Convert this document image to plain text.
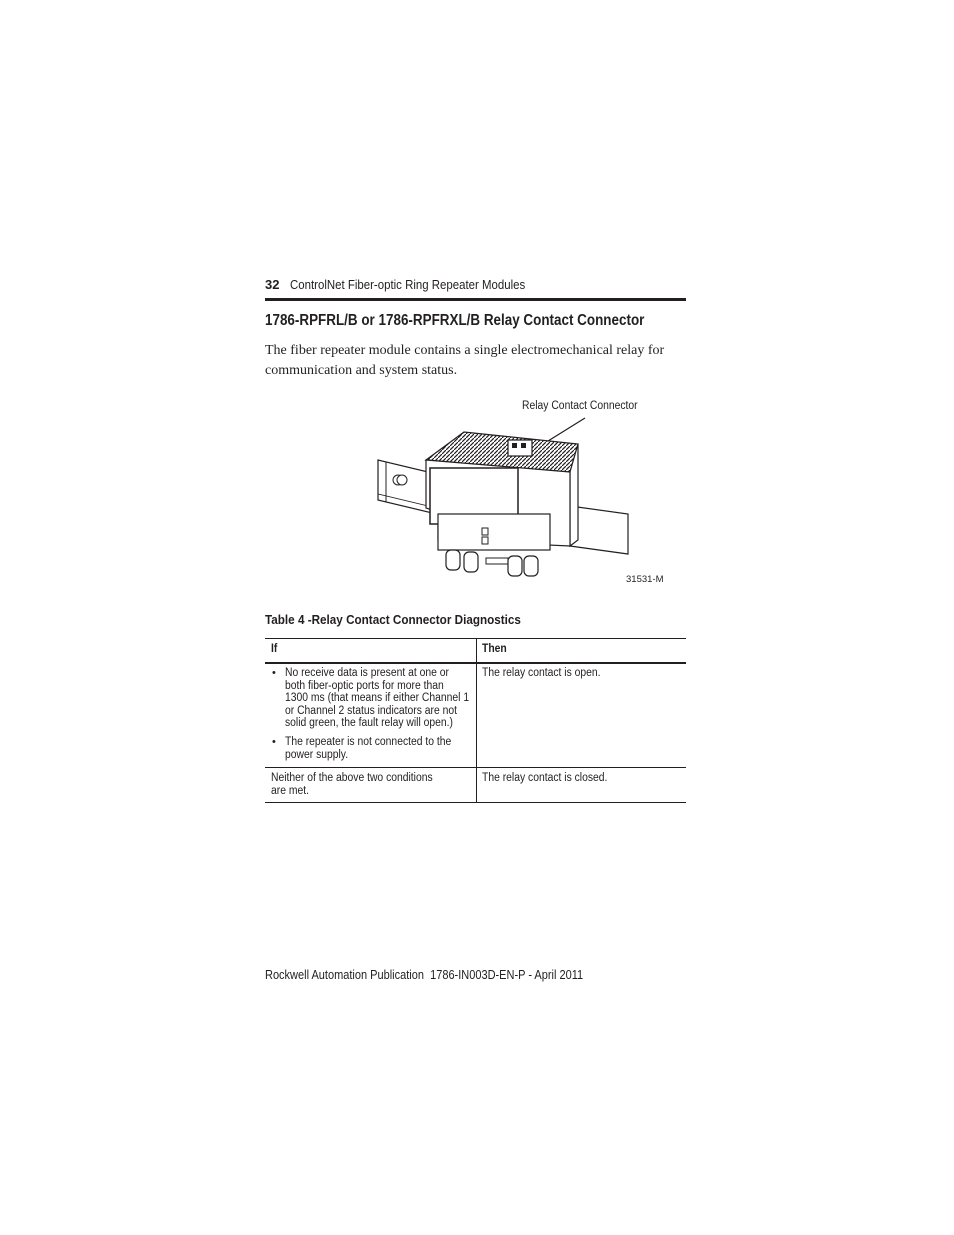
32 ControlNet Fiber-optic Ring Repeater Modules
1786-RPFRL/B or 1786-RPFRXL/B Relay Contact Connector
The fiber repeater module contains a single electromechanical relay for communication and system status.
Relay Contact Connector
31531-M
Table 4 -Relay Contact Connector Diagnostics
If	Then
• No receive data is present at one or both fiber-optic ports for more than 1300 ms (that means if either Channel 1 or Channel 2 status indicators are not solid green, the fault relay will open.)
• The repeater is not connected to the power supply.
The relay contact is open.
Neither of the above two conditions are met.
The relay contact is closed.
Rockwell Automation Publication  1786-IN003D-EN-P - April 2011
